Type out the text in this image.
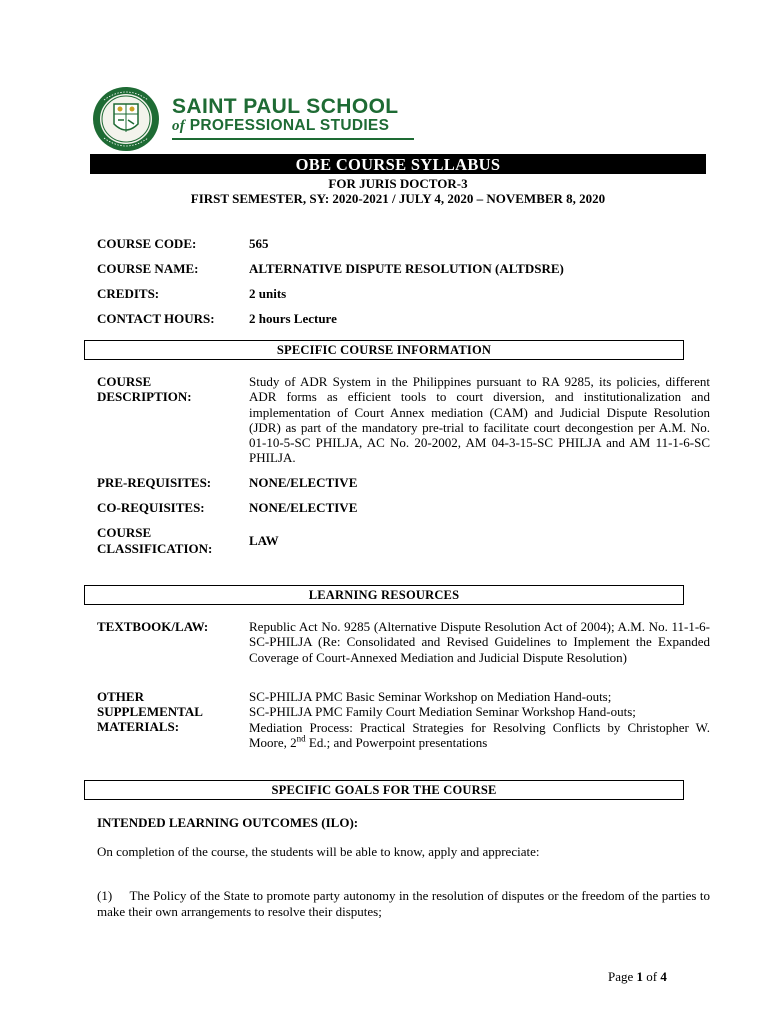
SAINT PAUL SCHOOL
of PROFESSIONAL STUDIES
OBE COURSE SYLLABUS
FOR JURIS DOCTOR-3
FIRST SEMESTER, SY: 2020-2021 / JULY 4, 2020 – NOVEMBER 8, 2020
COURSE CODE:	565
COURSE NAME:	ALTERNATIVE DISPUTE RESOLUTION (ALTDSRE)
CREDITS:	2 units
CONTACT HOURS:	2 hours Lecture
SPECIFIC COURSE INFORMATION
COURSE
DESCRIPTION:
Study of ADR System in the Philippines pursuant to RA 9285, its policies, different ADR forms as efficient tools to court diversion, and institutionalization and implementation of Court Annex mediation (CAM) and Judicial Dispute Resolution (JDR) as part of the mandatory pre-trial to facilitate court decongestion per A.M. No. 01-10-5-SC PHILJA, AC No. 20-2002, AM 04-3-15-SC PHILJA and AM 11-1-6-SC PHILJA.
PRE-REQUISITES:	NONE/ELECTIVE
CO-REQUISITES:	NONE/ELECTIVE
COURSE
CLASSIFICATION:
LAW
LEARNING RESOURCES
TEXTBOOK/LAW:	Republic Act No. 9285 (Alternative Dispute Resolution Act of 2004); A.M. No. 11-1-6-SC-PHILJA (Re: Consolidated and Revised Guidelines to Implement the Expanded Coverage of Court-Annexed Mediation and Judicial Dispute Resolution)
OTHER
SUPPLEMENTAL
MATERIALS:
SC-PHILJA PMC Basic Seminar Workshop on Mediation Hand-outs;
SC-PHILJA PMC Family Court Mediation Seminar Workshop Hand-outs;
Mediation Process: Practical Strategies for Resolving Conflicts by Christopher W. Moore, 2nd Ed.; and Powerpoint presentations
SPECIFIC GOALS FOR THE COURSE
INTENDED LEARNING OUTCOMES (ILO):
On completion of the course, the students will be able to know, apply and appreciate:
(1)     The Policy of the State to promote party autonomy in the resolution of disputes or the freedom of the parties to make their own arrangements to resolve their disputes;
Page 1 of 4
